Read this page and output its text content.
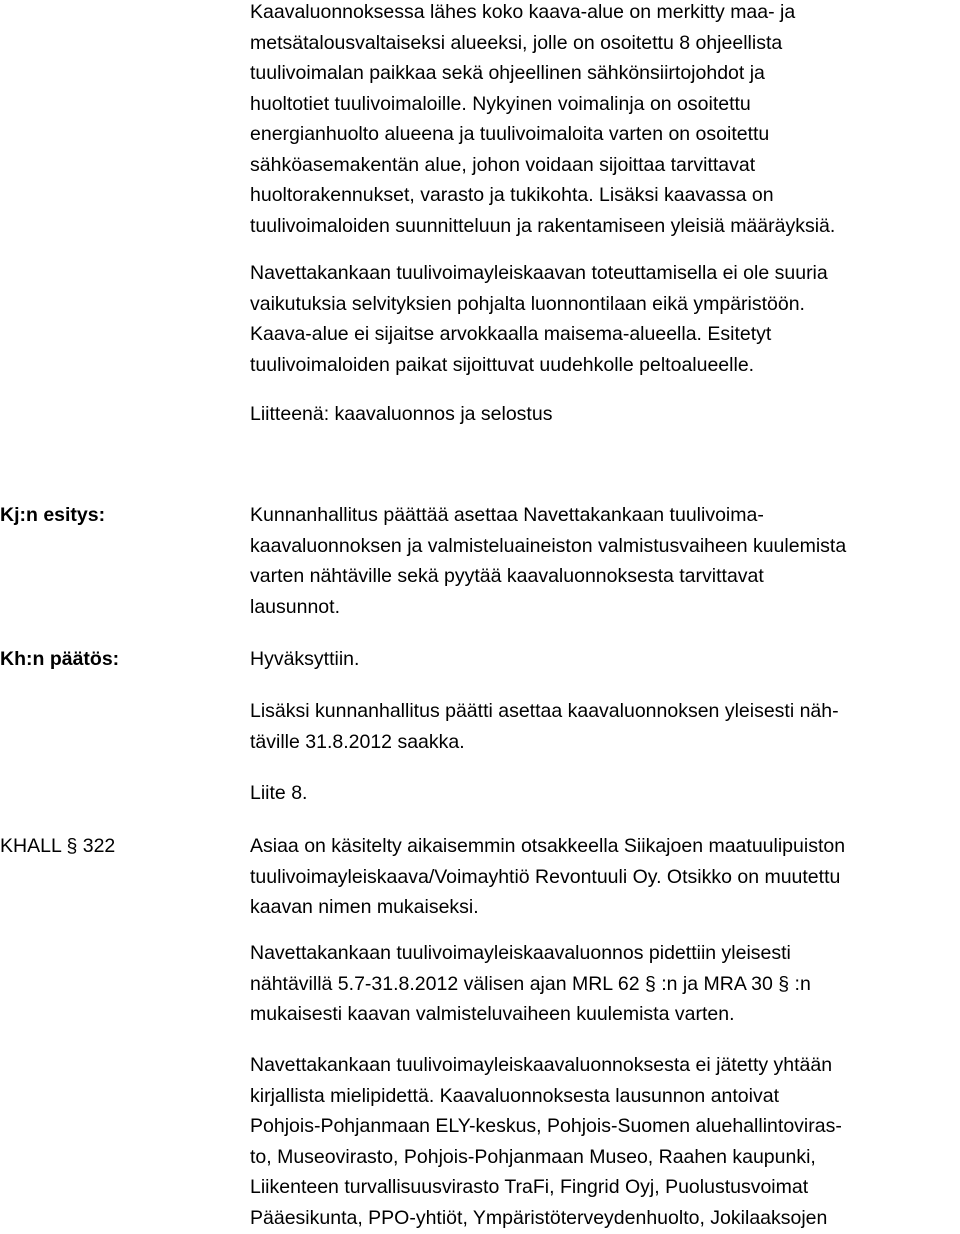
Kaavaluonnoksessa lähes koko kaava-alue on merkitty maa- ja
metsätalousvaltaiseksi alueeksi, jolle on osoitettu 8 ohjeellista
tuulivoimalan paikkaa sekä ohjeellinen sähkönsiirtojohdot ja
huoltotiet tuulivoimaloille. Nykyinen voimalinja on osoitettu
energianhuolto alueena ja tuulivoimaloita varten on osoitettu
sähköasemakentän alue, johon voidaan sijoittaa tarvittavat
huoltorakennukset, varasto ja tukikohta. Lisäksi kaavassa on
tuulivoimaloiden suunnitteluun ja rakentamiseen yleisiä määräyksiä.
Navettakankaan tuulivoimayleiskaavan toteuttamisella ei ole suuria
vaikutuksia selvityksien pohjalta luonnontilaan eikä ympäristöön.
Kaava-alue ei sijaitse arvokkaalla maisema-alueella. Esitetyt
tuulivoimaloiden paikat sijoittuvat uudehkolle peltoalueelle.
Liitteenä: kaavaluonnos ja selostus
Kj:n esitys:	Kunnanhallitus päättää asettaa Navettakankaan tuulivoima-
kaavaluonnoksen ja valmisteluaineiston valmistusvaiheen kuulemista
varten nähtäville sekä pyytää kaavaluonnoksesta tarvittavat
lausunnot.
Kh:n päätös:	Hyväksyttiin.
Lisäksi kunnanhallitus päätti asettaa kaavaluonnoksen yleisesti näh-
täville 31.8.2012 saakka.
Liite 8.
KHALL § 322	Asiaa on käsitelty aikaisemmin otsakkeella Siikajoen maatuulipuiston
tuulivoimayleiskaava/Voimayhtiö Revontuuli Oy. Otsikko on muutettu
kaavan nimen mukaiseksi.
Navettakankaan tuulivoimayleiskaavaluonnos pidettiin yleisesti
nähtävillä 5.7-31.8.2012 välisen ajan MRL 62 § :n ja MRA 30 § :n
mukaisesti kaavan valmisteluvaiheen kuulemista varten.
Navettakankaan tuulivoimayleiskaavaluonnoksesta ei jätetty yhtään
kirjallista mielipidettä. Kaavaluonnoksesta lausunnon antoivat
Pohjois-Pohjanmaan ELY-keskus, Pohjois-Suomen aluehallintoviras-
to, Museovirasto, Pohjois-Pohjanmaan Museo, Raahen kaupunki,
Liikenteen turvallisuusvirasto TraFi, Fingrid Oyj, Puolustusvoimat
Pääesikunta, PPO-yhtiöt, Ympäristöterveydenhuolto, Jokilaaksojen
